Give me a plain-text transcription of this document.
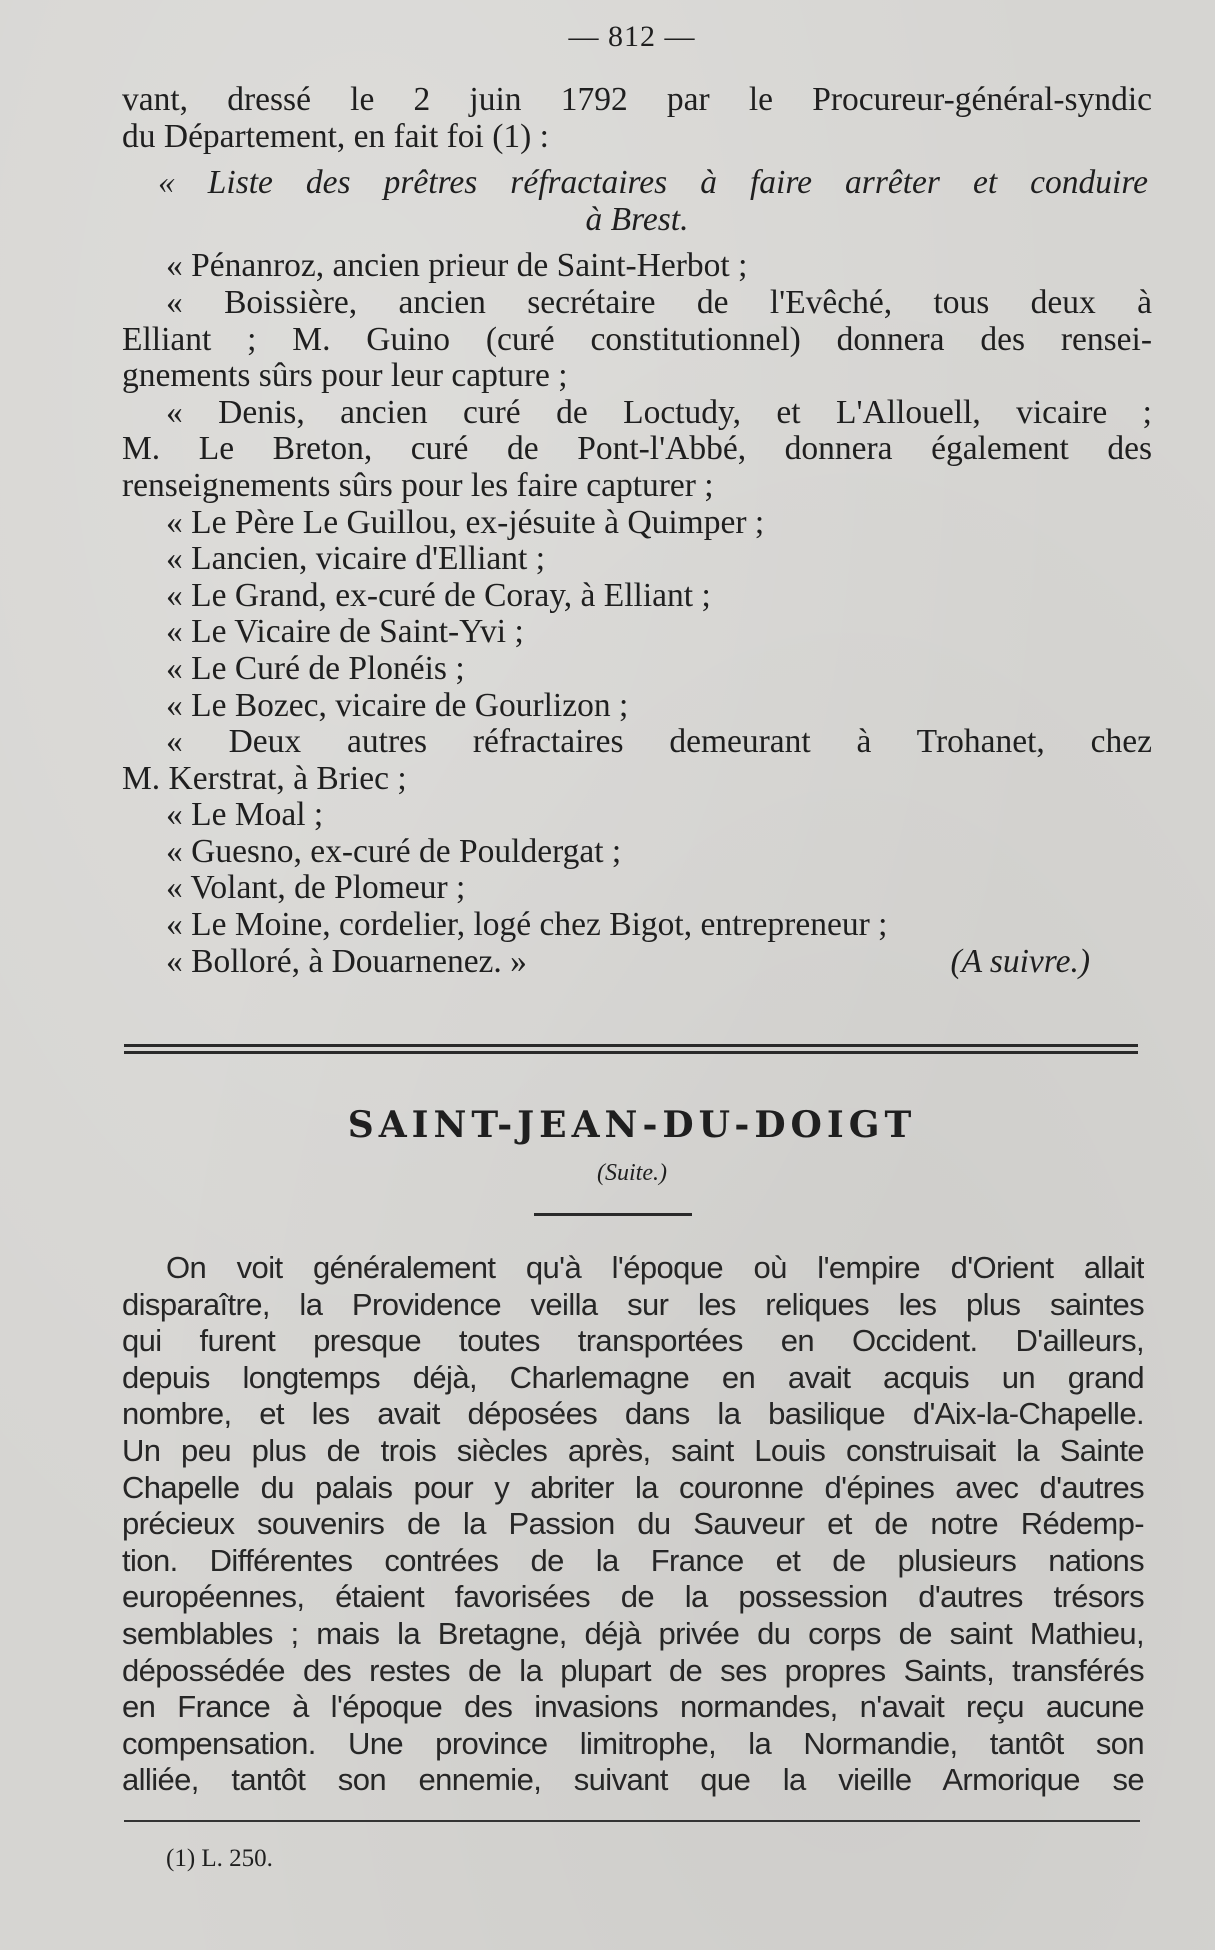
— 812 —
vant, dressé le 2 juin 1792 par le Procureur-général-syndic
du Département, en fait foi (1) :
« Liste des prêtres réfractaires à faire arrêter et conduire
à Brest.
« Pénanroz, ancien prieur de Saint-Herbot ;
« Boissière, ancien secrétaire de l'Evêché, tous deux à
Elliant ; M. Guino (curé constitutionnel) donnera des rensei-
gnements sûrs pour leur capture ;
« Denis, ancien curé de Loctudy, et L'Allouell, vicaire ;
M. Le Breton, curé de Pont-l'Abbé, donnera également des
renseignements sûrs pour les faire capturer ;
« Le Père Le Guillou, ex-jésuite à Quimper ;
« Lancien, vicaire d'Elliant ;
« Le Grand, ex-curé de Coray, à Elliant ;
« Le Vicaire de Saint-Yvi ;
« Le Curé de Plonéis ;
« Le Bozec, vicaire de Gourlizon ;
« Deux autres réfractaires demeurant à Trohanet, chez
M. Kerstrat, à Briec ;
« Le Moal ;
« Guesno, ex-curé de Pouldergat ;
« Volant, de Plomeur ;
« Le Moine, cordelier, logé chez Bigot, entrepreneur ;
« Bolloré, à Douarnenez. »	(A suivre.)
SAINT-JEAN-DU-DOIGT
(Suite.)
On voit généralement qu'à l'époque où l'empire d'Orient allait
disparaître, la Providence veilla sur les reliques les plus saintes
qui furent presque toutes transportées en Occident. D'ailleurs,
depuis longtemps déjà, Charlemagne en avait acquis un grand
nombre, et les avait déposées dans la basilique d'Aix-la-Chapelle.
Un peu plus de trois siècles après, saint Louis construisait la Sainte
Chapelle du palais pour y abriter la couronne d'épines avec d'autres
précieux souvenirs de la Passion du Sauveur et de notre Rédemp-
tion. Différentes contrées de la France et de plusieurs nations
européennes, étaient favorisées de la possession d'autres trésors
semblables ; mais la Bretagne, déjà privée du corps de saint Mathieu,
dépossédée des restes de la plupart de ses propres Saints, transférés
en France à l'époque des invasions normandes, n'avait reçu aucune
compensation. Une province limitrophe, la Normandie, tantôt son
alliée, tantôt son ennemie, suivant que la vieille Armorique se
(1) L. 250.
